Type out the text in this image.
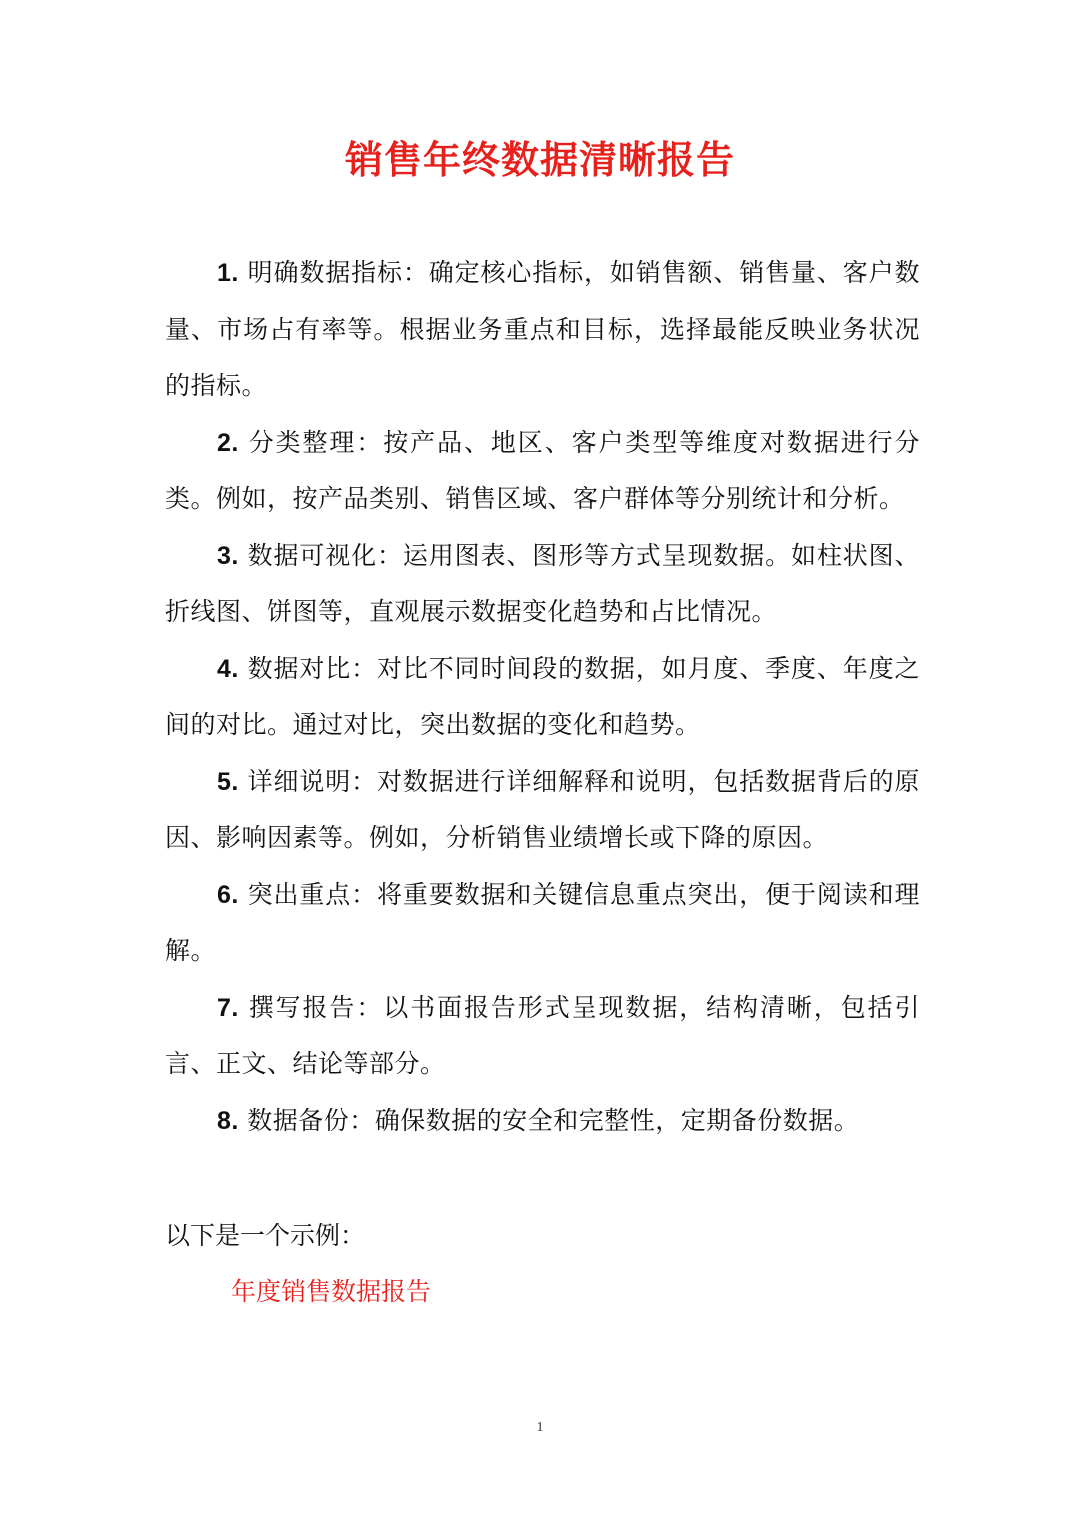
销售年终数据清晰报告

1. 明确数据指标：确定核心指标，如销售额、销售量、客户数量、市场占有率等。根据业务重点和目标，选择最能反映业务状况的指标。

2. 分类整理：按产品、地区、客户类型等维度对数据进行分类。例如，按产品类别、销售区域、客户群体等分别统计和分析。

3. 数据可视化：运用图表、图形等方式呈现数据。如柱状图、折线图、饼图等，直观展示数据变化趋势和占比情况。

4. 数据对比：对比不同时间段的数据，如月度、季度、年度之间的对比。通过对比，突出数据的变化和趋势。

5. 详细说明：对数据进行详细解释和说明，包括数据背后的原因、影响因素等。例如，分析销售业绩增长或下降的原因。

6. 突出重点：将重要数据和关键信息重点突出，便于阅读和理解。

7. 撰写报告：以书面报告形式呈现数据，结构清晰，包括引言、正文、结论等部分。

8. 数据备份：确保数据的安全和完整性，定期备份数据。

以下是一个示例：
年度销售数据报告
1
